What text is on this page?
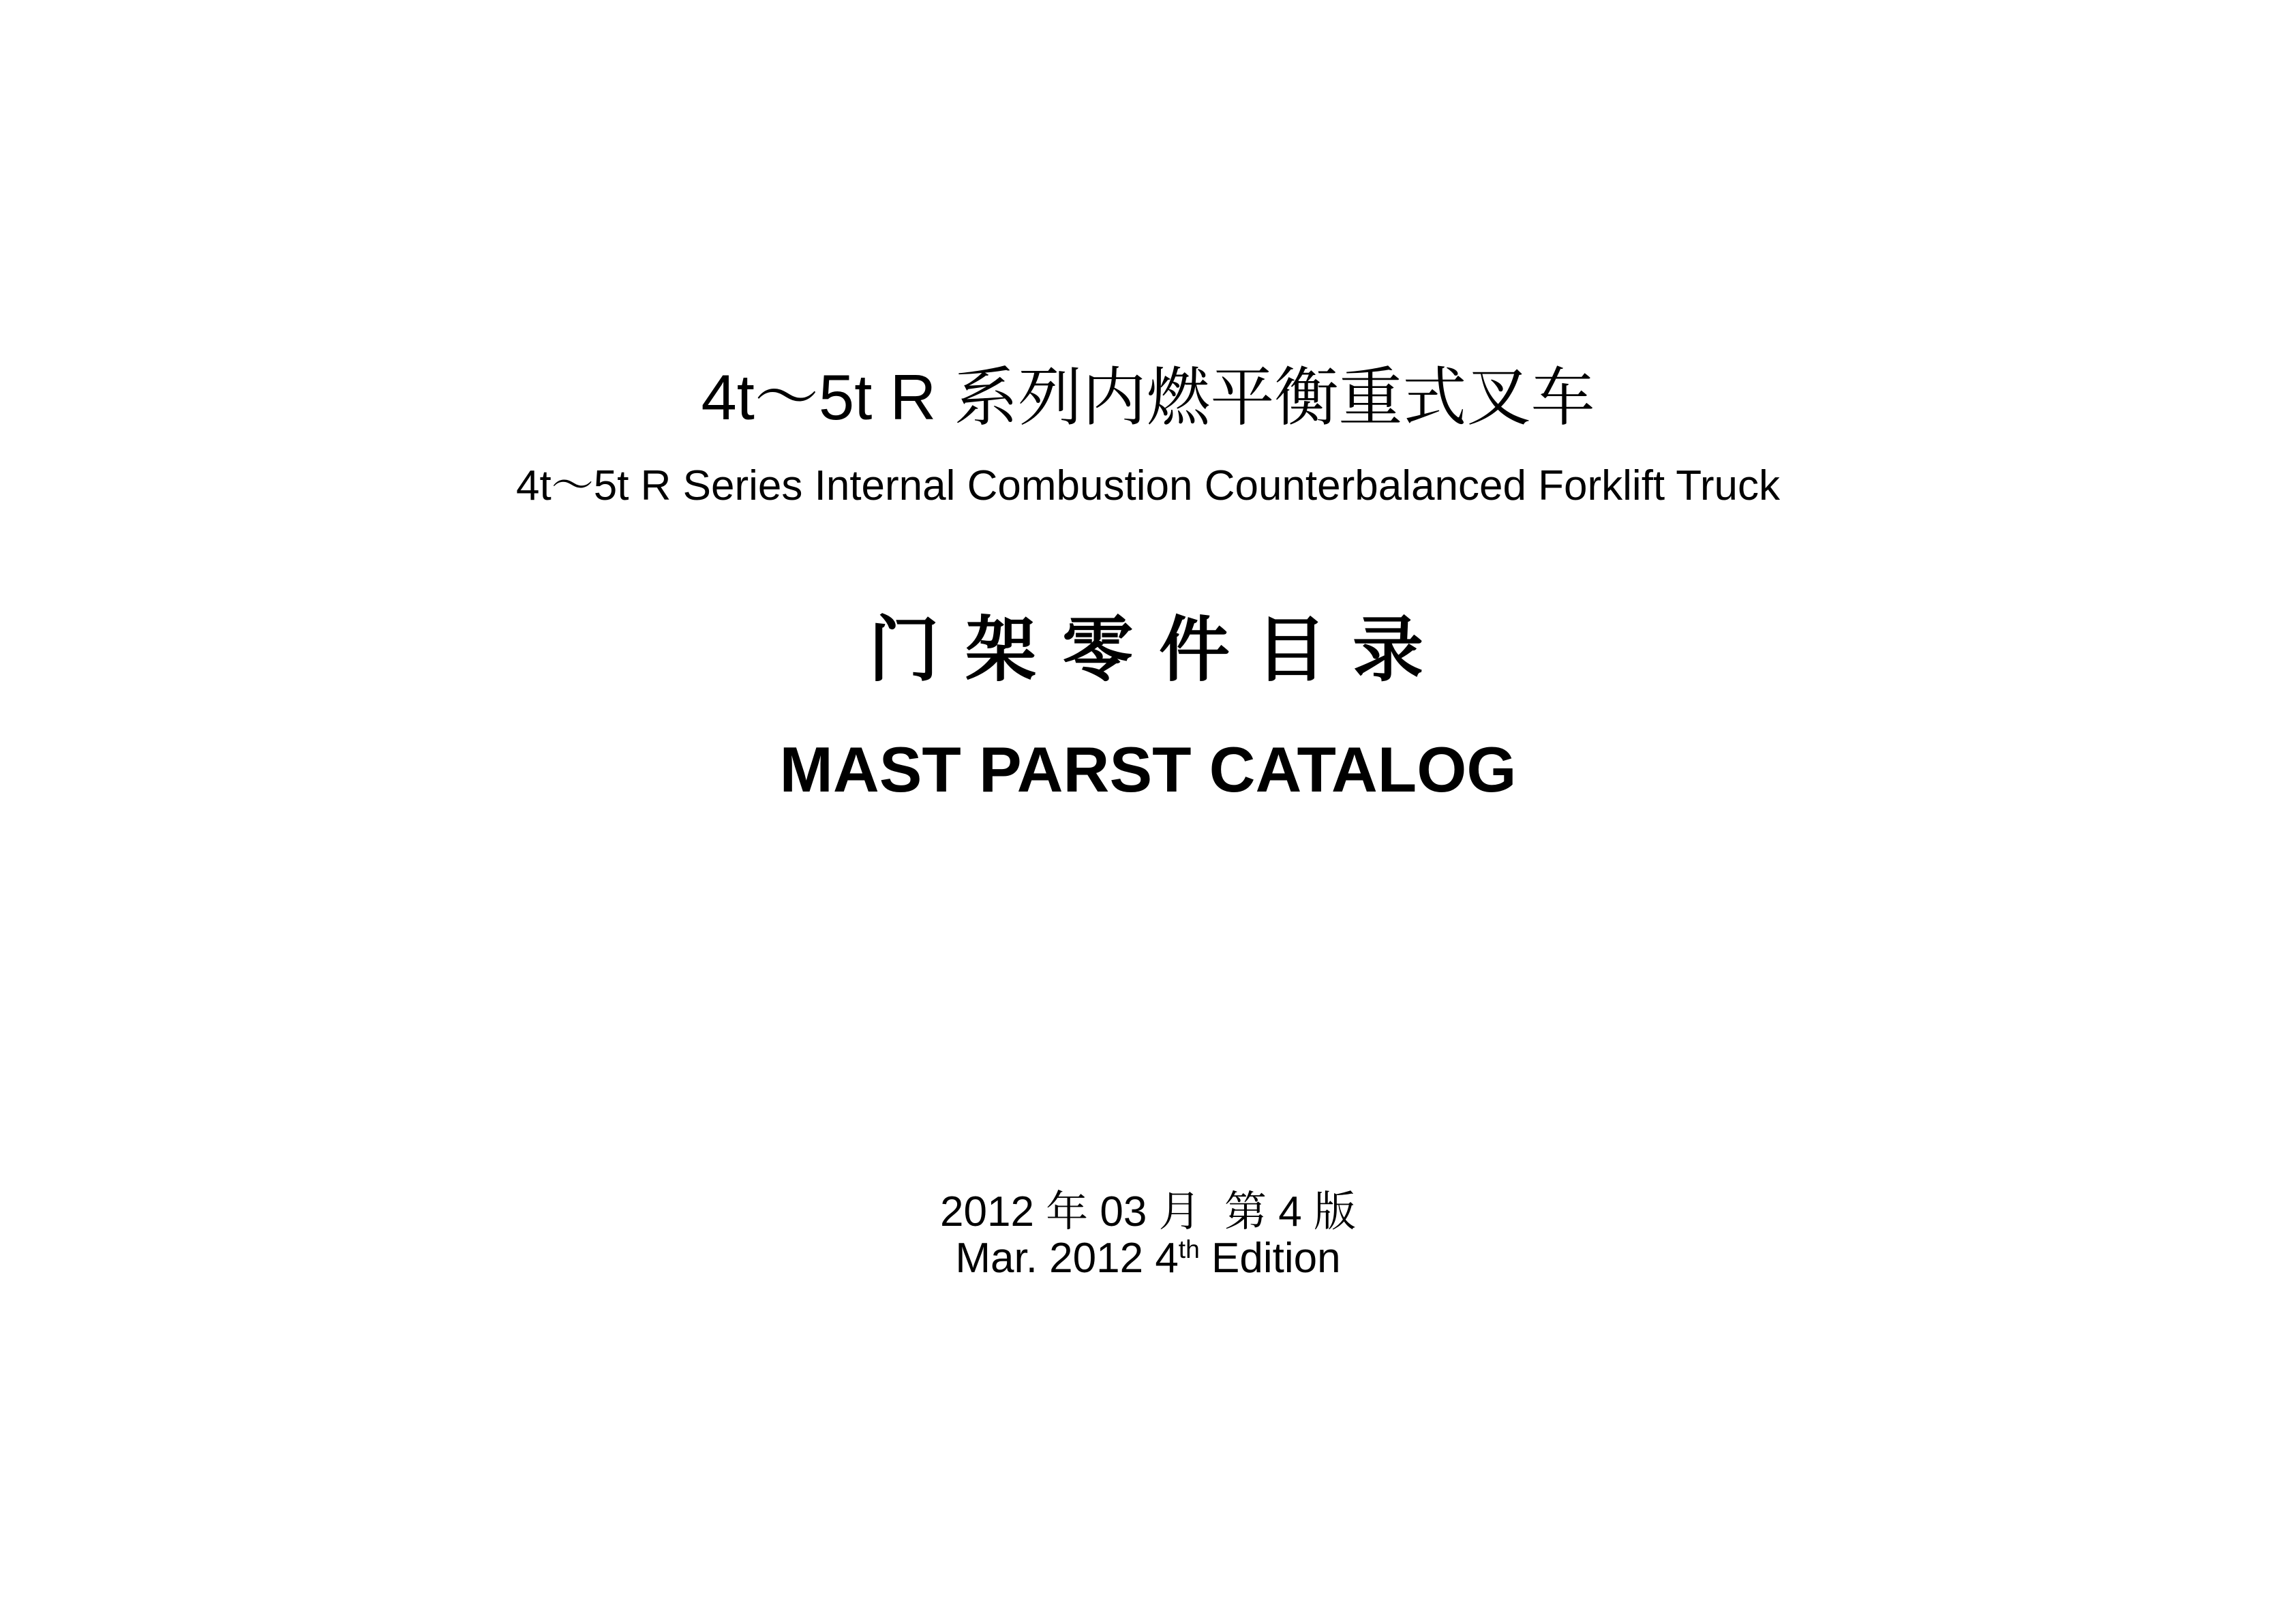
4t～5t R 系列内燃平衡重式叉车
4t～5t R Series Internal Combustion Counterbalanced Forklift Truck
门 架 零 件 目 录
MAST PARST CATALOG
2012 年 03 月  第 4 版
Mar. 2012 4th Edition
